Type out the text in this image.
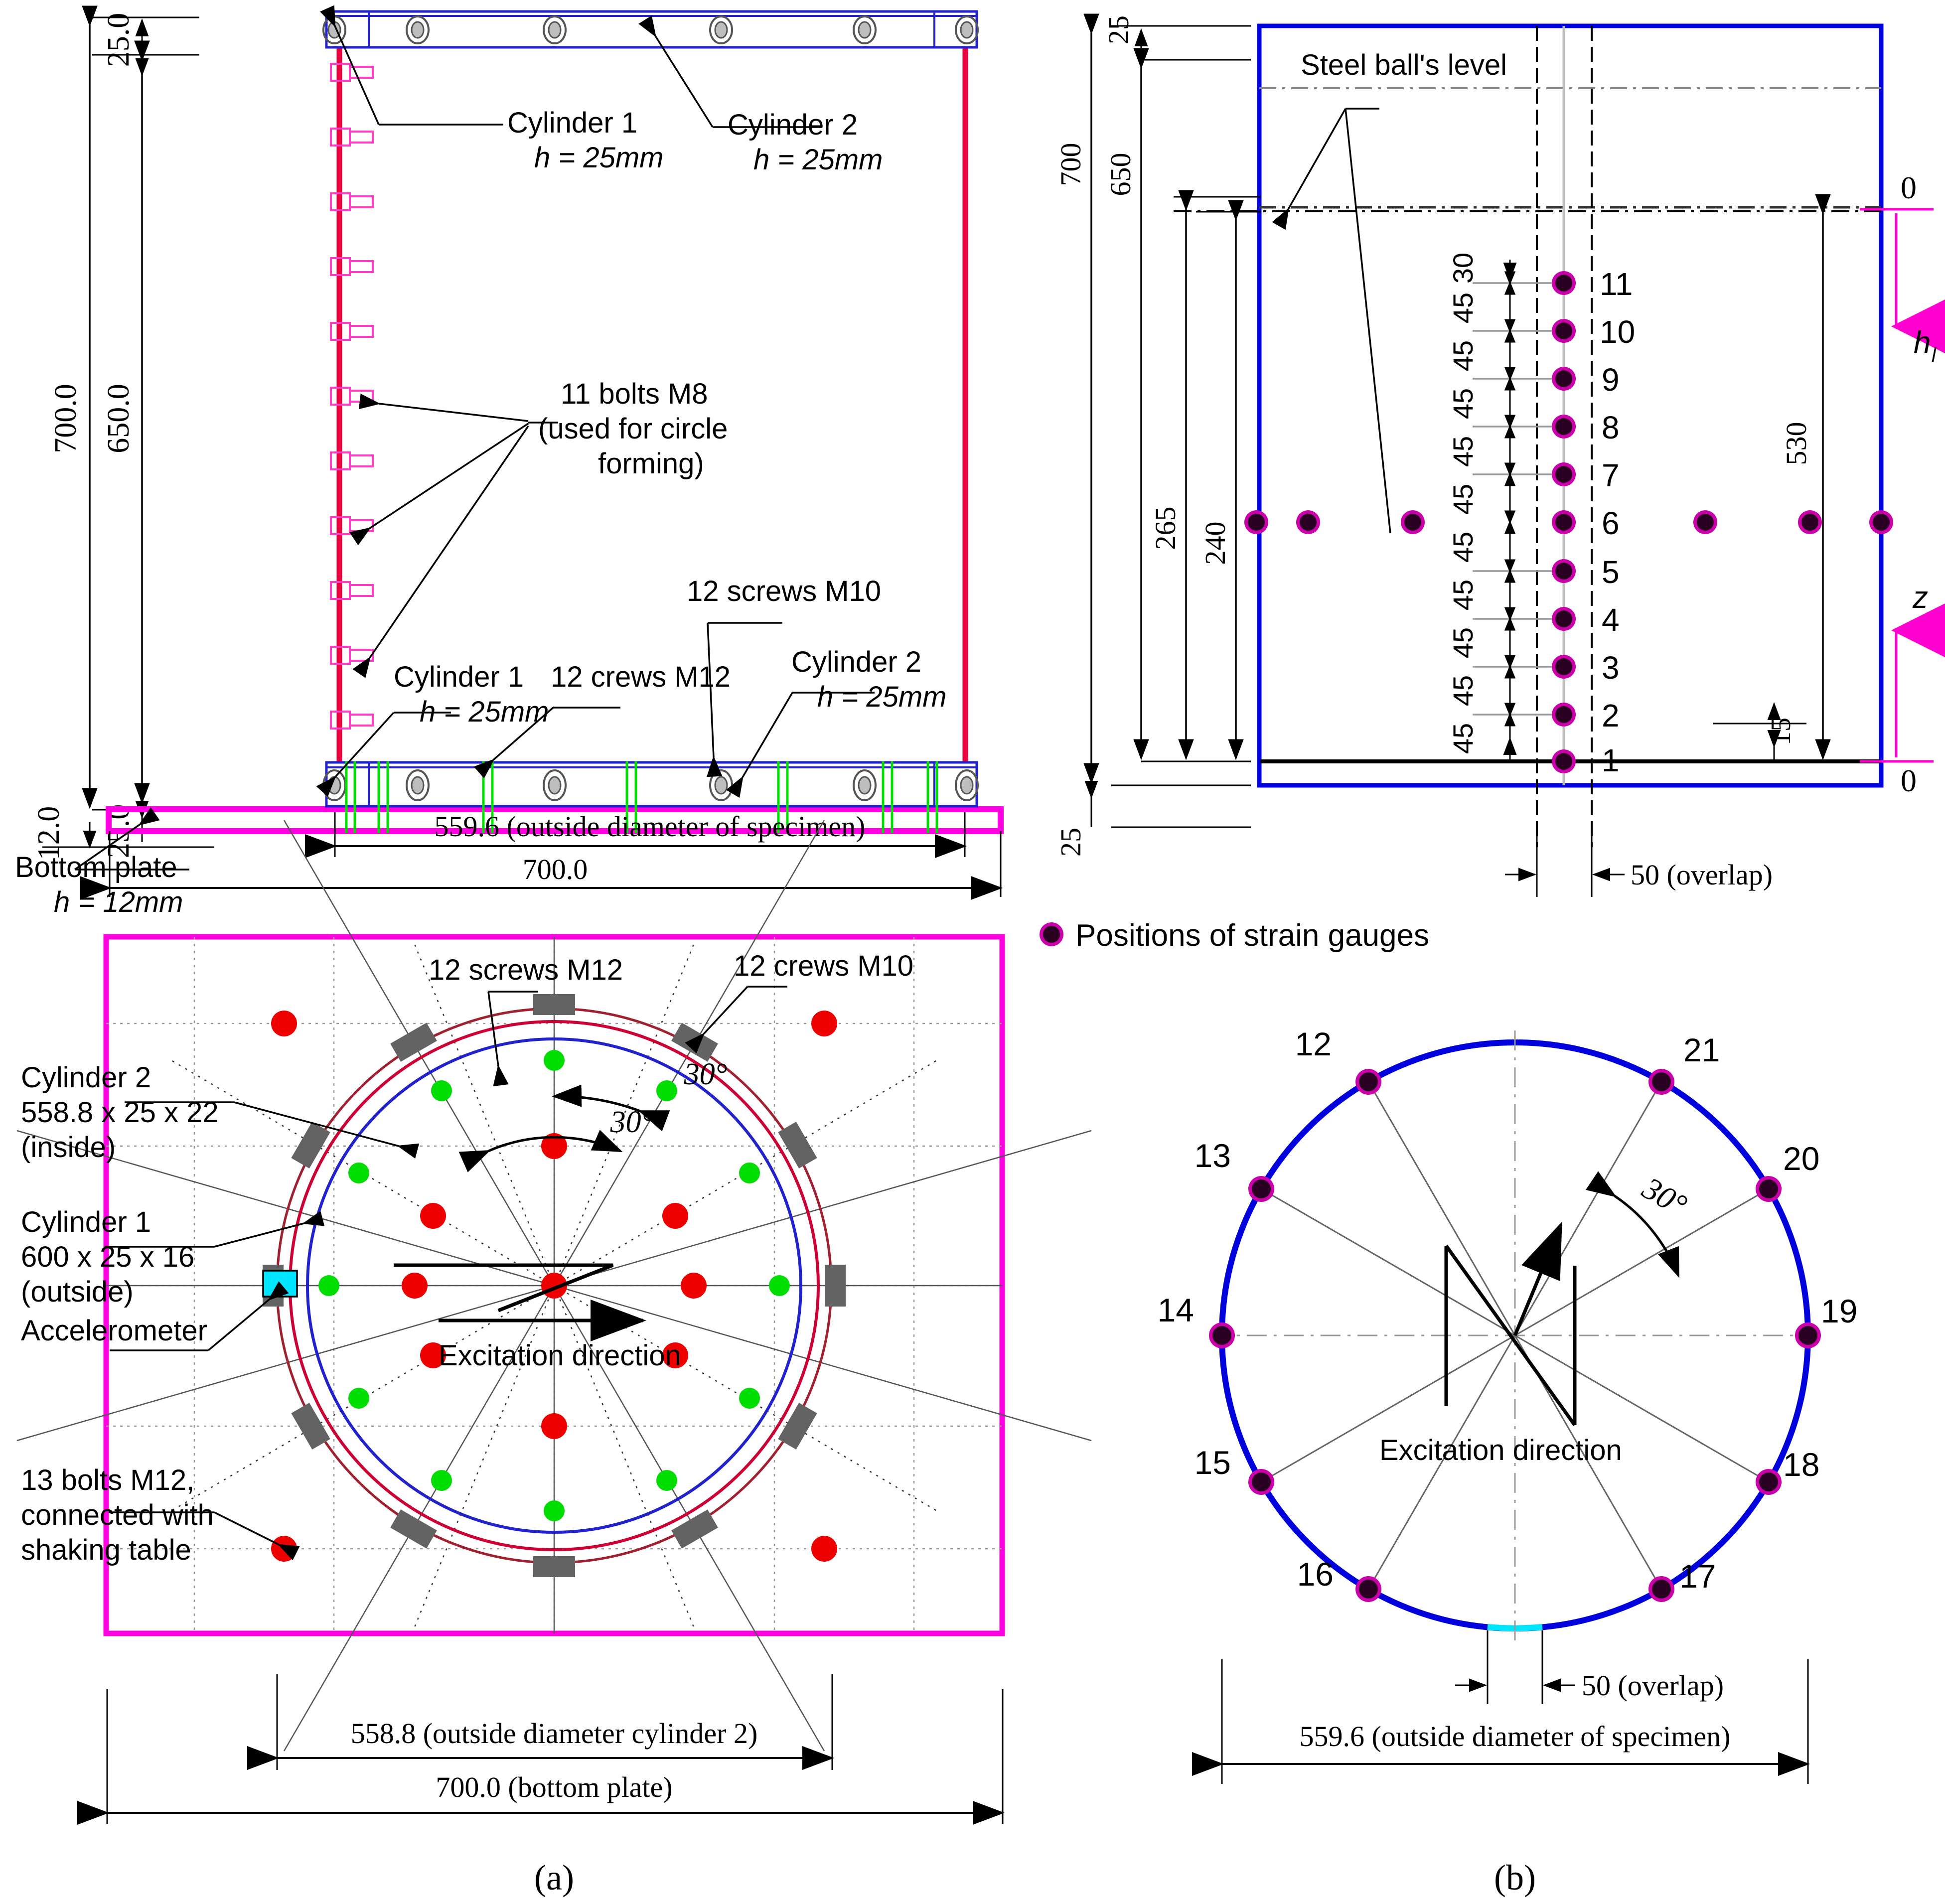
700.0 650.0
25.0
25.0
12.0
Cylinder 1
h = 25mm
Cylinder 2
h = 25mm
11 bolts M8
(used for circle
forming)
Cylinder 1
h = 25mm
12 crews M12
12 screws M10
Cylinder 2
h = 25mm
Bottom plate
h = 12mm
559.6 (outside diameter of specimen)
700.0
30°
30°
Excitation direction
12 screws M12	12 crews M10
Cylinder 2
558.8 x 25 x 22
(inside)
Cylinder 1
600 x 25 x 16
(outside)
Accelerometer
13 bolts M12,
connected with
shaking table
558.8 (outside diameter cylinder 2)
700.0 (bottom plate)
(a)
700 650
265 240
25
25
Steel ball's level
530
15
0
0
h l
z
30
45
45
45
45
45
45
45
45
45
45
11
10
9
8
7
6
5
4
3
2
1
50 (overlap)
Positions of strain gauges
12
13
14
15
16	17
18
19
20
21
30°
Excitation direction
50 (overlap)
559.6 (outside diameter of specimen)
(b)
